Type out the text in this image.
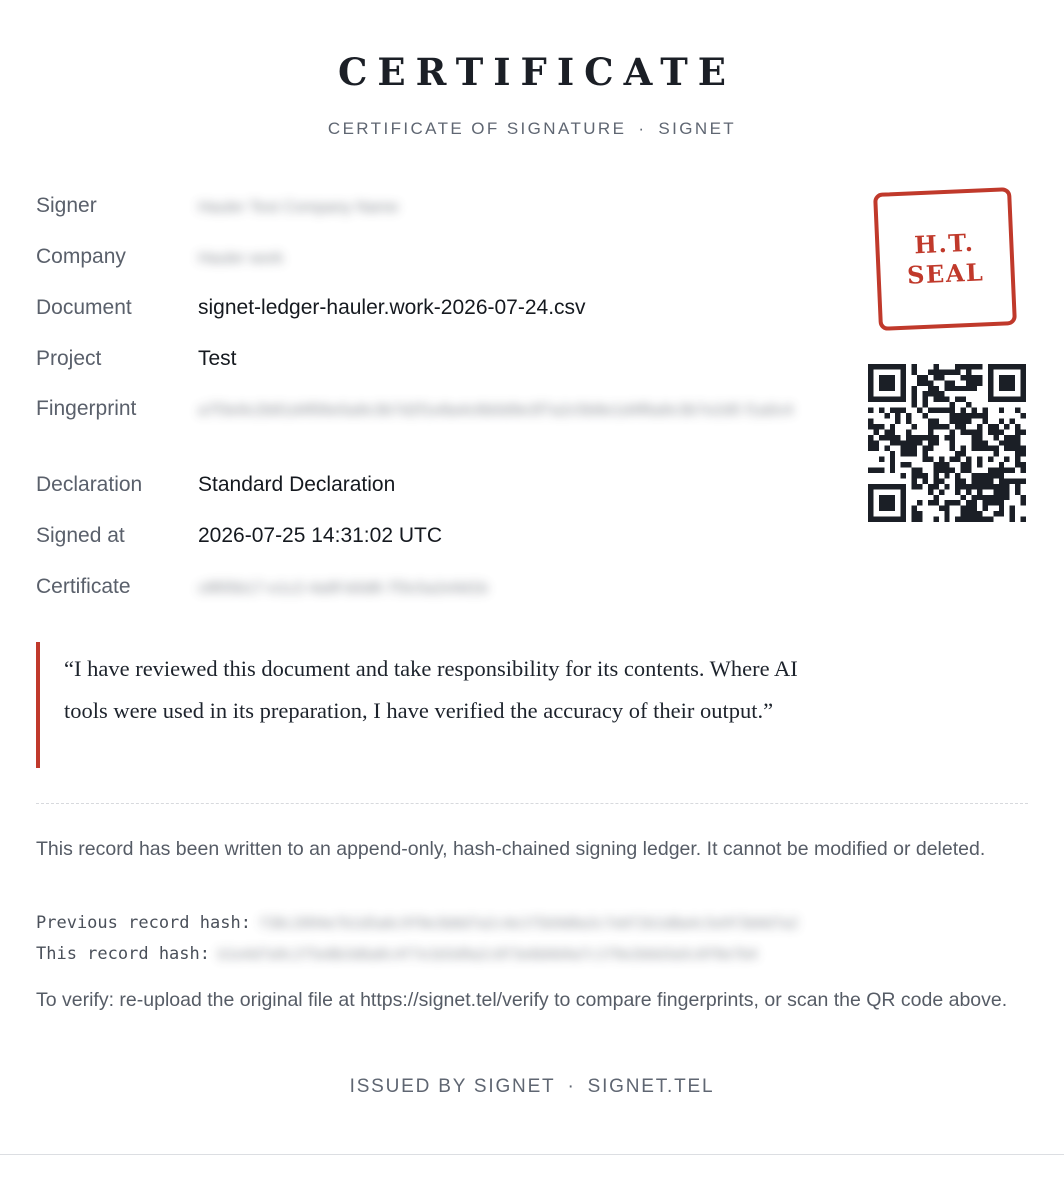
CERTIFICATE
CERTIFICATE OF SIGNATURE · SIGNET
Signer	Hauler Test Company Name
Company	Hauler work
Document	signet-ledger-hauler.work-2026-07-24.csv
Project	Test
Fingerprint	a7f3e9c2b81d4f06e5a9c3b7d2f1e8a4c6b0d9e3f7a2c5b8e1d4f6a9c3b7e2d5 f1a0c4
Declaration	Standard Declaration
Signed at	2026-07-25 14:31:02 UTC
Certificate	c8f05b17-e1c2-4a9f-b0d8-7f3c5a2e9d1b
H.T.
SEAL
“I have reviewed this document and take responsibility for its contents. Where AI tools were used in its preparation, I have verified the accuracy of their output.”
This record has been written to an append-only, hash-chained signing ledger. It cannot be modified or deleted.
Previous record hash: f38c2094e7b1d5a6c9f0e3b8d7a2c4e1f5b9d0a3c7e6f2b1d8a4c5e9f3b0d7a2
This record hash: b1e4d7a9c2f5e8b3d6a0c4f7e1b5d9a2c8f3e6b0d4a7c1f9e2b6d3a5c8f0e7b4
To verify: re-upload the original file at https://signet.tel/verify to compare fingerprints, or scan the QR code above.
ISSUED BY SIGNET · SIGNET.TEL
